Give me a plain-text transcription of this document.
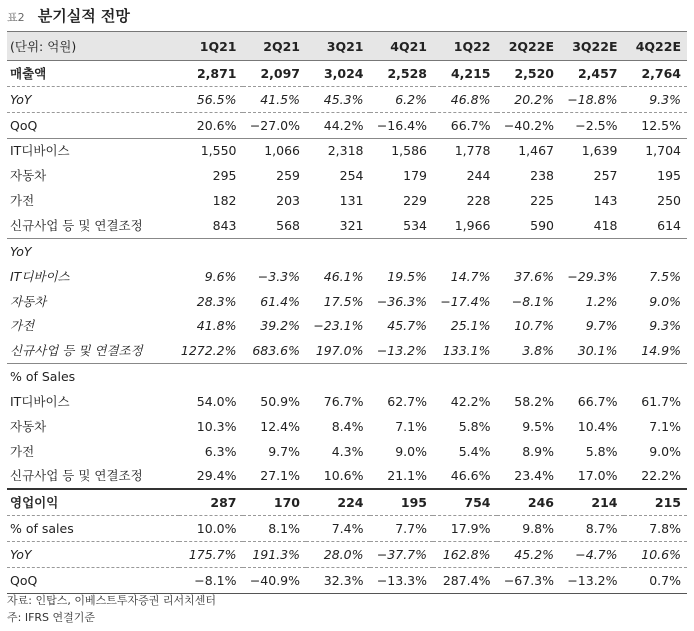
표2 분기실적 전망
(단위: 억원)	1Q21	2Q21	3Q21	4Q21	1Q22	2Q22E	3Q22E	4Q22E
매출액	2,871	2,097	3,024	2,528	4,215	2,520	2,457	2,764
YoY	56.5%	41.5%	45.3%	6.2%	46.8%	20.2%	−18.8%	9.3%
QoQ	20.6%	−27.0%	44.2%	−16.4%	66.7%	−40.2%	−2.5%	12.5%
IT디바이스	1,550	1,066	2,318	1,586	1,778	1,467	1,639	1,704
자동차	295	259	254	179	244	238	257	195
가전	182	203	131	229	228	225	143	250
신규사업 등 및 연결조정	843	568	321	534	1,966	590	418	614
YoY								
IT디바이스	9.6%	−3.3%	46.1%	19.5%	14.7%	37.6%	−29.3%	7.5%
자동차	28.3%	61.4%	17.5%	−36.3%	−17.4%	−8.1%	1.2%	9.0%
가전	41.8%	39.2%	−23.1%	45.7%	25.1%	10.7%	9.7%	9.3%
신규사업 등 및 연결조정	1272.2%	683.6%	197.0%	−13.2%	133.1%	3.8%	30.1%	14.9%
% of Sales								
IT디바이스	54.0%	50.9%	76.7%	62.7%	42.2%	58.2%	66.7%	61.7%
자동차	10.3%	12.4%	8.4%	7.1%	5.8%	9.5%	10.4%	7.1%
가전	6.3%	9.7%	4.3%	9.0%	5.4%	8.9%	5.8%	9.0%
신규사업 등 및 연결조정	29.4%	27.1%	10.6%	21.1%	46.6%	23.4%	17.0%	22.2%
영업이익	287	170	224	195	754	246	214	215
% of sales	10.0%	8.1%	7.4%	7.7%	17.9%	9.8%	8.7%	7.8%
YoY	175.7%	191.3%	28.0%	−37.7%	162.8%	45.2%	−4.7%	10.6%
QoQ	−8.1%	−40.9%	32.3%	−13.3%	287.4%	−67.3%	−13.2%	0.7%
자료: 인탑스, 이베스트투자증권 리서치센터
주: IFRS 연결기준
